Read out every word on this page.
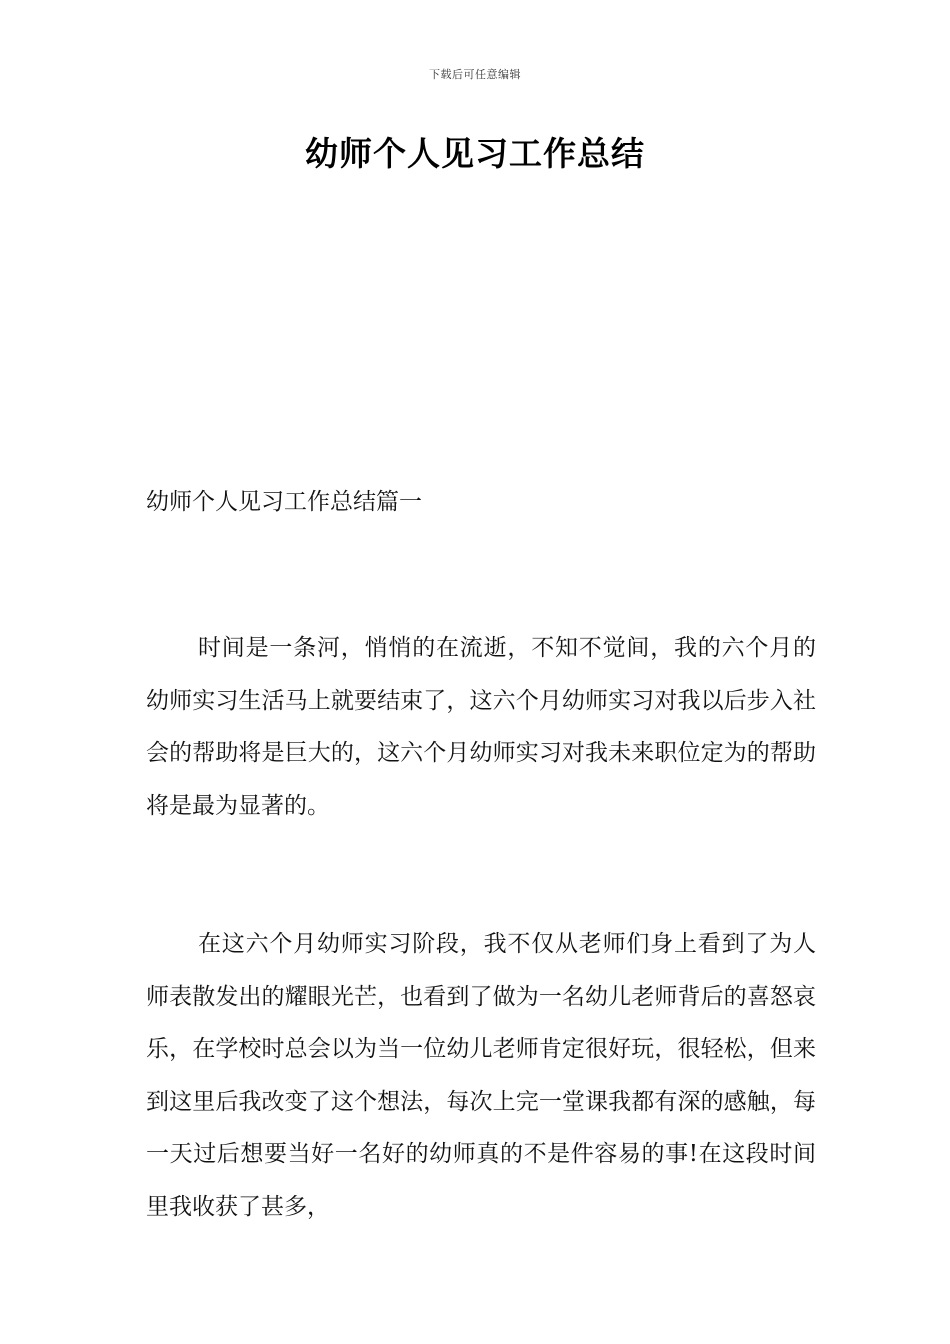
下载后可任意编辑
幼师个人见习工作总结
幼师个人见习工作总结篇一

时间是一条河，悄悄的在流逝，不知不觉间，我的六个月的幼师实习生活马上就要结束了，这六个月幼师实习对我以后步入社会的帮助将是巨大的，这六个月幼师实习对我未来职位定为的帮助将是最为显著的。

在这六个月幼师实习阶段，我不仅从老师们身上看到了为人师表散发出的耀眼光芒，也看到了做为一名幼儿老师背后的喜怒哀乐，在学校时总会以为当一位幼儿老师肯定很好玩，很轻松，但来到这里后我改变了这个想法，每次上完一堂课我都有深的感触，每一天过后想要当好一名好的幼师真的不是件容易的事!在这段时间里我收获了甚多，
